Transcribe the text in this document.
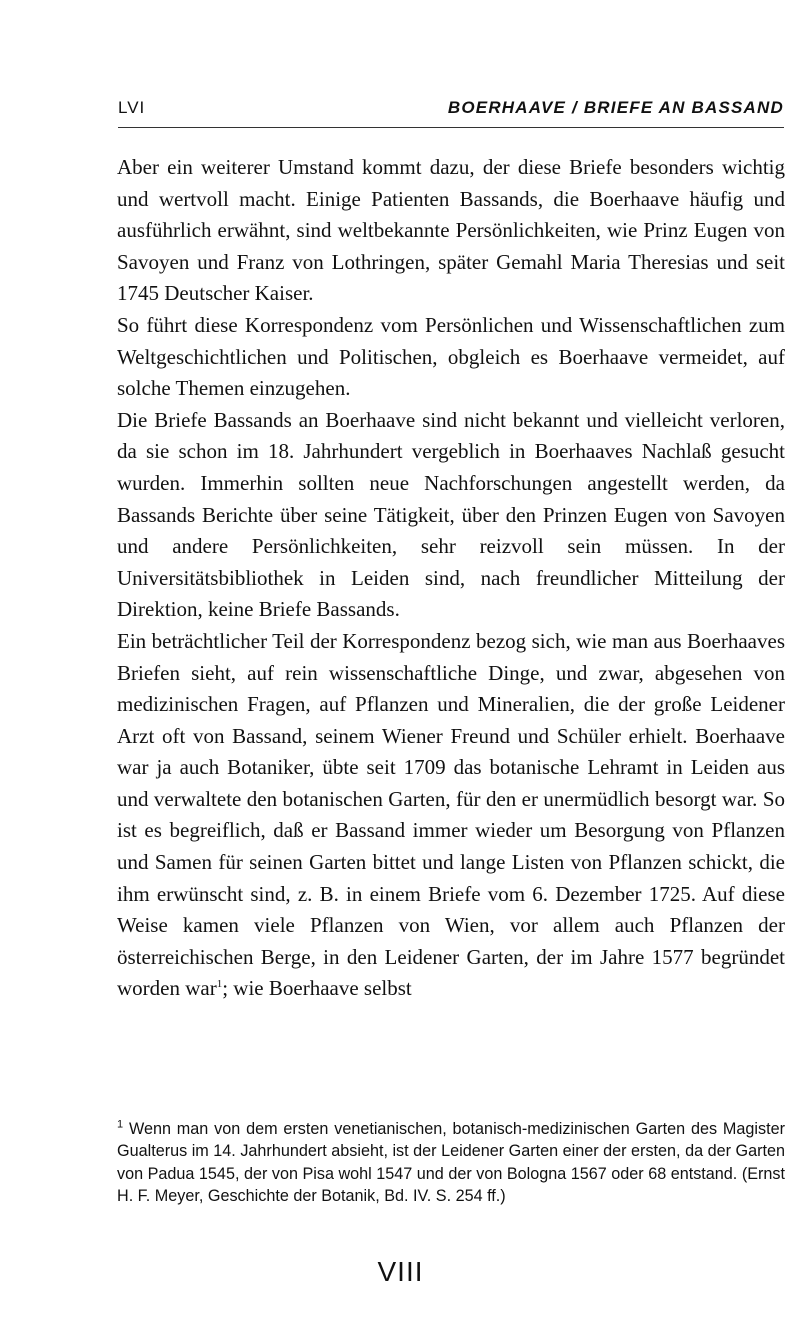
LVI	BOERHAAVE / BRIEFE AN BASSAND

Aber ein weiterer Umstand kommt dazu, der diese Briefe besonders wichtig und wertvoll macht. Einige Patienten Bassands, die Boerhaave häufig und ausführlich erwähnt, sind weltbekannte Persönlichkeiten, wie Prinz Eugen von Savoyen und Franz von Lothringen, später Gemahl Maria Theresias und seit 1745 Deutscher Kaiser.

So führt diese Korrespondenz vom Persönlichen und Wissenschaftlichen zum Weltgeschichtlichen und Politischen, obgleich es Boerhaave vermeidet, auf solche Themen einzugehen.

Die Briefe Bassands an Boerhaave sind nicht bekannt und vielleicht verloren, da sie schon im 18. Jahrhundert vergeblich in Boerhaaves Nachlaß gesucht wurden. Immerhin sollten neue Nachforschungen angestellt werden, da Bassands Berichte über seine Tätigkeit, über den Prinzen Eugen von Savoyen und andere Persönlichkeiten, sehr reizvoll sein müssen. In der Universitätsbibliothek in Leiden sind, nach freundlicher Mitteilung der Direktion, keine Briefe Bassands.

Ein beträchtlicher Teil der Korrespondenz bezog sich, wie man aus Boerhaaves Briefen sieht, auf rein wissenschaftliche Dinge, und zwar, abgesehen von medizinischen Fragen, auf Pflanzen und Mineralien, die der große Leidener Arzt oft von Bassand, seinem Wiener Freund und Schüler erhielt. Boerhaave war ja auch Botaniker, übte seit 1709 das botanische Lehramt in Leiden aus und verwaltete den botanischen Garten, für den er unermüdlich besorgt war. So ist es begreiflich, daß er Bassand immer wieder um Besorgung von Pflanzen und Samen für seinen Garten bittet und lange Listen von Pflanzen schickt, die ihm erwünscht sind, z. B. in einem Briefe vom 6. Dezember 1725. Auf diese Weise kamen viele Pflanzen von Wien, vor allem auch Pflanzen der österreichischen Berge, in den Leidener Garten, der im Jahre 1577 begründet worden war$^1$; wie Boerhaave selbst

$^1$ Wenn man von dem ersten venetianischen, botanisch-medizinischen Garten des Magister Gualterus im 14. Jahrhundert absieht, ist der Leidener Garten einer der ersten, da der Garten von Padua 1545, der von Pisa wohl 1547 und der von Bologna 1567 oder 68 entstand. (Ernst H. F. Meyer, Geschichte der Botanik, Bd. IV. S. 254 ff.)

VIII
